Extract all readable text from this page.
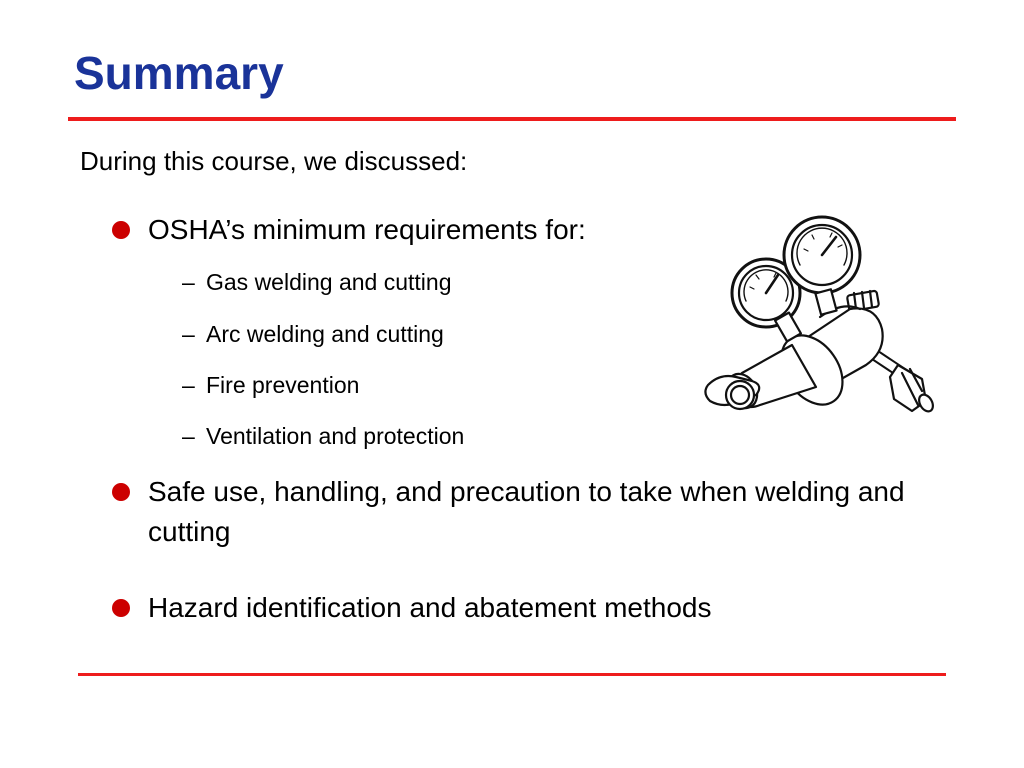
Summary

During this course, we discussed:

OSHA’s minimum requirements for:
– Gas welding and cutting
– Arc welding and cutting
– Fire prevention
– Ventilation and protection
Safe use, handling, and precaution to take when welding and cutting
Hazard identification and abatement methods
